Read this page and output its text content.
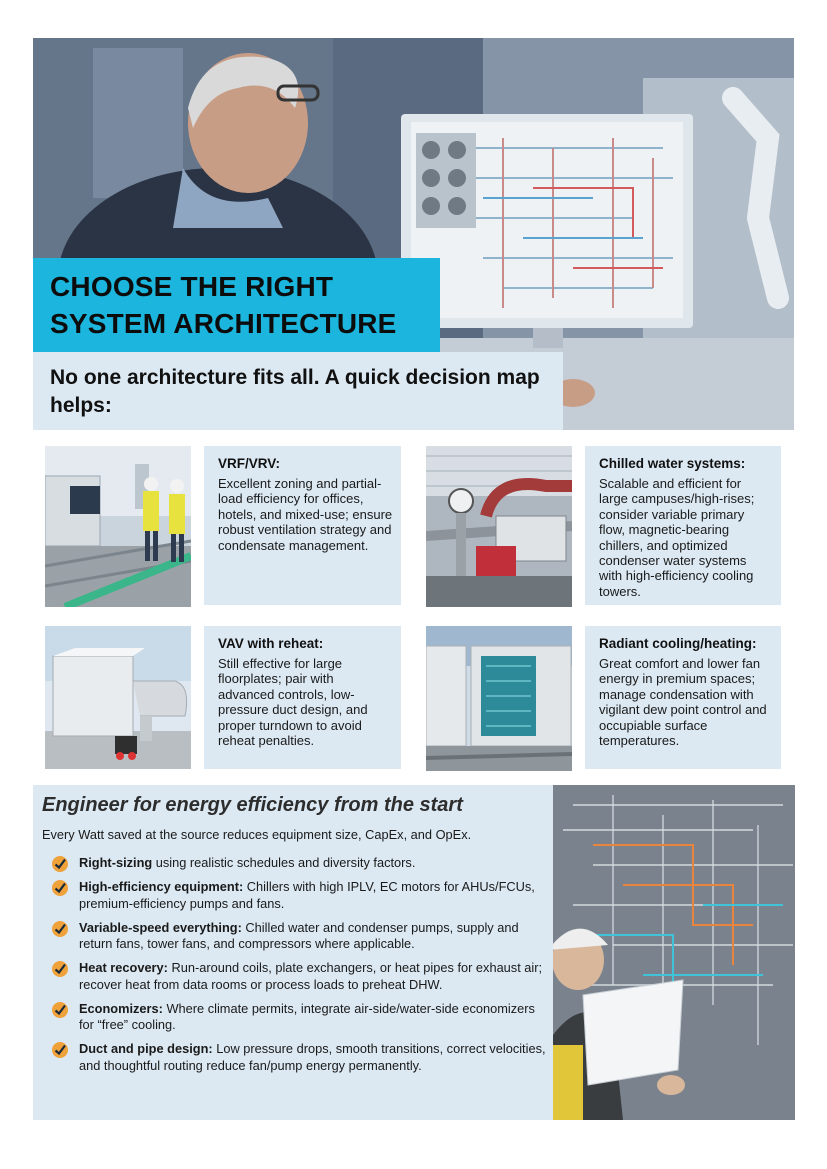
CHOOSE THE RIGHT
SYSTEM ARCHITECTURE

No one architecture fits all. A quick decision map helps:

VRF/VRV:

Excellent zoning and partial-load efficiency for offices, hotels, and mixed-use; ensure robust ventilation strategy and condensate management.

Chilled water systems:

Scalable and efficient for large campuses/high-rises; consider variable primary flow, magnetic-bearing chillers, and optimized condenser water systems with high-efficiency cooling towers.

VAV with reheat:

Still effective for large floorplates; pair with advanced controls, low-pressure duct design, and proper turndown to avoid reheat penalties.

Radiant cooling/heating:

Great comfort and lower fan energy in premium spaces; manage condensation with vigilant dew point control and occupiable surface temperatures.

Engineer for energy efficiency from the start

Every Watt saved at the source reduces equipment size, CapEx, and OpEx.

Right-sizing using realistic schedules and diversity factors.
High-efficiency equipment: Chillers with high IPLV, EC motors for AHUs/FCUs, premium-efficiency pumps and fans.
Variable-speed everything: Chilled water and condenser pumps, supply and return fans, tower fans, and compressors where applicable.
Heat recovery: Run-around coils, plate exchangers, or heat pipes for exhaust air; recover heat from data rooms or process loads to preheat DHW.
Economizers: Where climate permits, integrate air-side/water-side economizers for “free” cooling.
Duct and pipe design: Low pressure drops, smooth transitions, correct velocities, and thoughtful routing reduce fan/pump energy permanently.
